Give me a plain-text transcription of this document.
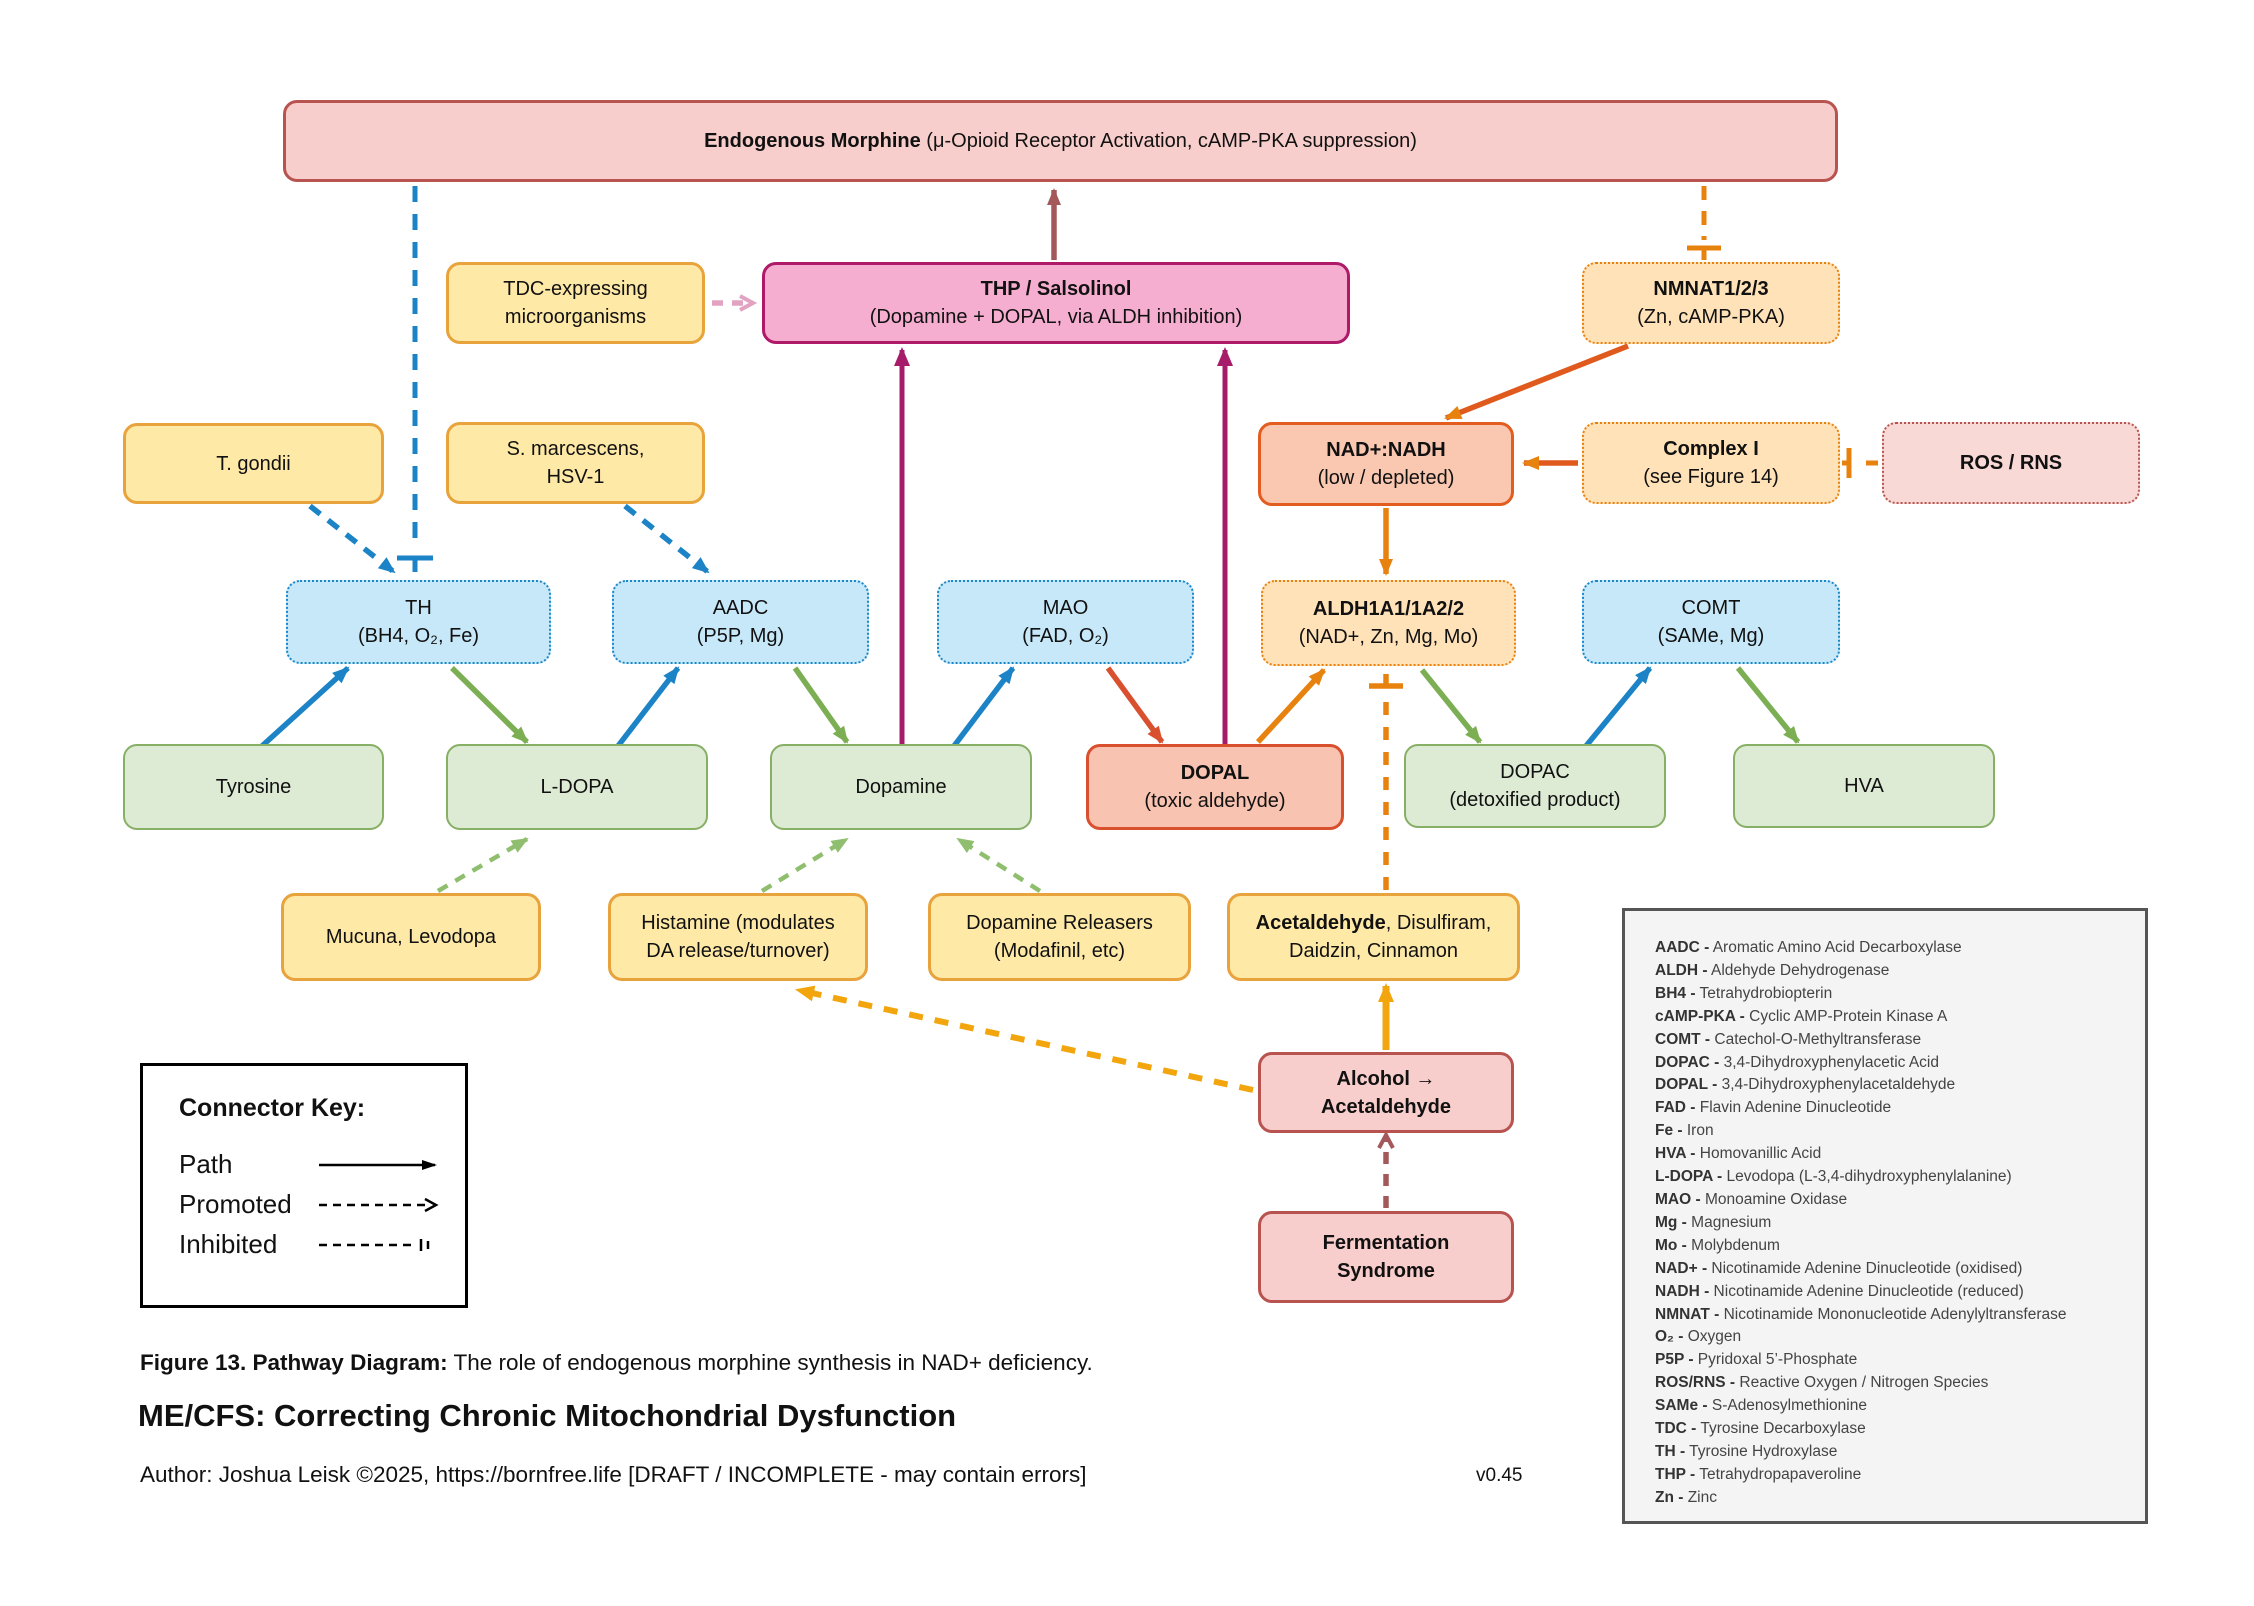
Endogenous Morphine (μ-Opioid Receptor Activation, cAMP-PKA suppression)
TDC-expressing
microorganisms
THP / Salsolinol
(Dopamine + DOPAL, via ALDH inhibition)
NMNAT1/2/3
(Zn, cAMP-PKA)
T. gondii
S. marcescens,
HSV-1
NAD+:NADH
(low / depleted)
Complex I
(see Figure 14)
ROS / RNS
TH
(BH4, O₂, Fe)
AADC
(P5P, Mg)
MAO
(FAD, O₂)
ALDH1A1/1A2/2
(NAD+, Zn, Mg, Mo)
COMT
(SAMe, Mg)
Tyrosine	L-DOPA	Dopamine
DOPAL
(toxic aldehyde)
DOPAC
(detoxified product)
HVA
Mucuna, Levodopa
Histamine (modulates
DA release/turnover)
Dopamine Releasers
(Modafinil, etc)
Acetaldehyde, Disulfiram,
Daidzin, Cinnamon
Alcohol →
Acetaldehyde
Fermentation
Syndrome
Connector Key:
Path
Promoted
Inhibited
AADC - Aromatic Amino Acid Decarboxylase
ALDH - Aldehyde Dehydrogenase
BH4 - Tetrahydrobiopterin
cAMP-PKA - Cyclic AMP-Protein Kinase A
COMT - Catechol-O-Methyltransferase
DOPAC - 3,4-Dihydroxyphenylacetic Acid
DOPAL - 3,4-Dihydroxyphenylacetaldehyde
FAD - Flavin Adenine Dinucleotide
Fe - Iron
HVA - Homovanillic Acid
L-DOPA - Levodopa (L-3,4-dihydroxyphenylalanine)
MAO - Monoamine Oxidase
Mg - Magnesium
Mo - Molybdenum
NAD+ - Nicotinamide Adenine Dinucleotide (oxidised)
NADH - Nicotinamide Adenine Dinucleotide (reduced)
NMNAT - Nicotinamide Mononucleotide Adenylyltransferase
O₂ - Oxygen
P5P - Pyridoxal 5’-Phosphate
ROS/RNS - Reactive Oxygen / Nitrogen Species
SAMe - S-Adenosylmethionine
TDC - Tyrosine Decarboxylase
TH - Tyrosine Hydroxylase
THP - Tetrahydropapaveroline
Zn - Zinc
Figure 13. Pathway Diagram: The role of endogenous morphine synthesis in NAD+ deficiency.
ME/CFS: Correcting Chronic Mitochondrial Dysfunction
Author: Joshua Leisk ©2025, https://bornfree.life [DRAFT / INCOMPLETE - may contain errors]	v0.45
